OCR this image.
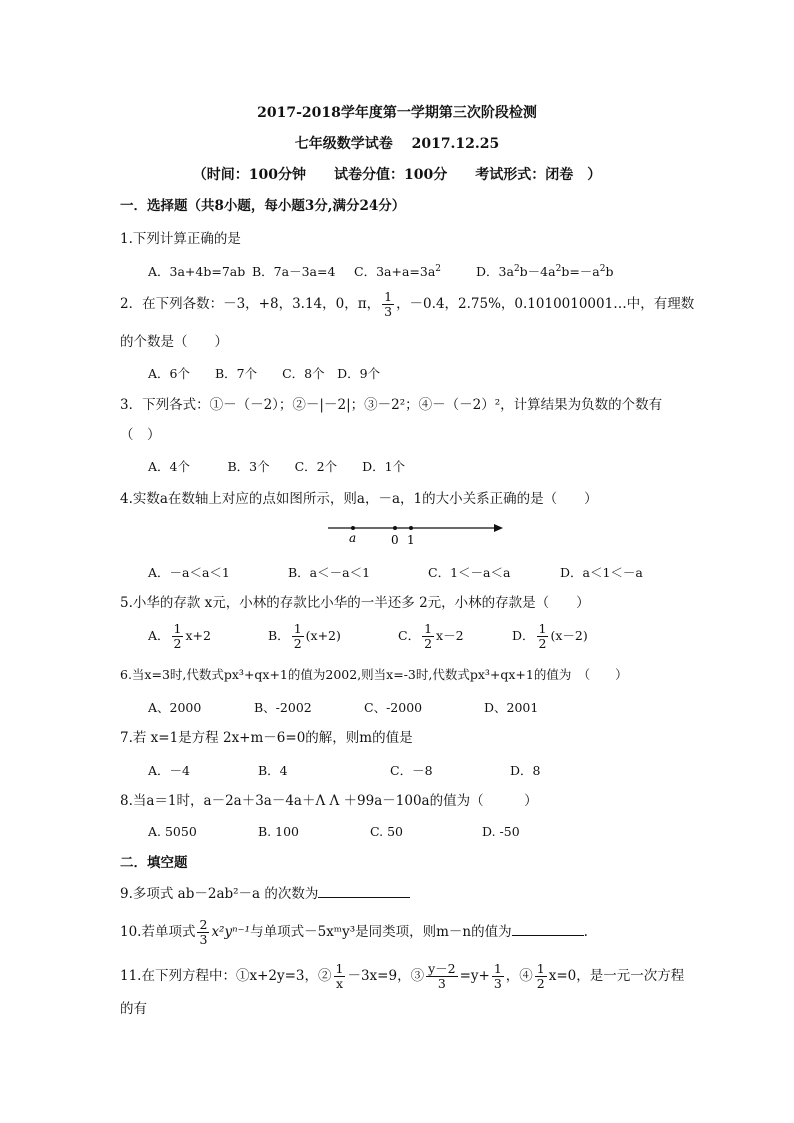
2017-2018学年度第一学期第三次阶段检测
七年级数学试卷　 2017.12.25
（时间：100分钟　　试卷分值：100分　　考试形式：闭卷　）
一．选择题（共8小题，每小题3分,满分24分）
1.下列计算正确的是
A．3a+4b=7ab B．7a－3a=4 C．$3a+a=3a^2$	D．$3a^2b-4a^2b=-a^2b$
2．在下列各数：－3，+8，3.14，0，π， $\frac{1}{3}$ ，－0.4，2.75%，0.1010010001…中，有理数
的个数是（　　）
A．6个　　B．7个　　C．8个　D．9个
3．下列各式：①－（－2）；②－|－2|；③－2²；④－（－2）²，计算结果为负数的个数有
（　）
A．4个　　　B．3个　　C．2个　　D．1个
4.实数a在数轴上对应的点如图所示，则a，－a，1的大小关系正确的是（　　）
a	0 1
A．－a＜a＜1	B．a＜－a＜1	C．1＜－a＜a	D．a＜1＜－a
5.小华的存款 x元，小林的存款比小华的一半还多 2元，小林的存款是（　　）
A． $\frac{1}{2} x+2$	B． $\frac{1}{2} (x+2)$	C． $\frac{1}{2} x-2$	D． $\frac{1}{2} (x-2)$
6.当x=3时,代数式px³+qx+1的值为2002,则当x=-3时,代数式px³+qx+1的值为　（　　）
A、2000	B、-2002	C、-2000	D、2001
7.若 x=1是方程 2x+m－6=0的解，则m的值是
A．－4	B．4	C．－8	D．8
8.当a＝1时，a－2a＋3a－4a＋Λ Λ ＋99a－100a的值为（　　　）
A. 5050	B. 100	C. 50	D. -50
二．填空题
9.多项式 ab－2ab²－a 的次数为
10.若单项式 $\frac{2}{3} x^2y^{n-1}$与单项式－5xᵐy³是同类项，则m－n的值为	.
11.在下列方程中：①x+2y=3，② $\frac{1}{x} -3x=9$，③ $\frac{y-2}{3} =y+ \frac{1}{3}$ ，④ $\frac{1}{2} x=0$，是一元一次方程
的有
